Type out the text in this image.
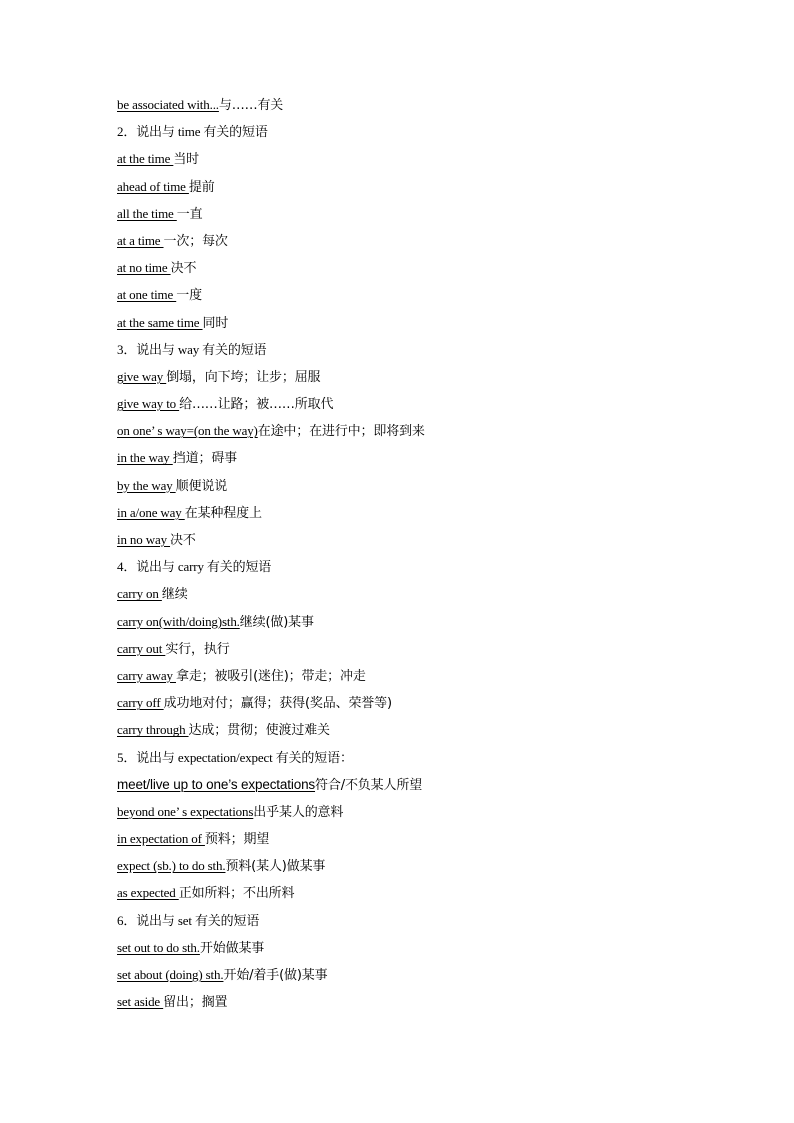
be associated with...与……有关
2．说出与 time 有关的短语
at the time 当时
ahead of time 提前
all the time 一直
at a time 一次；每次
at no time 决不
at one time 一度
at the same time 同时
3．说出与 way 有关的短语
give way 倒塌，向下垮；让步；屈服
give way to 给……让路；被……所取代
on one’ s way=(on the way)在途中；在进行中；即将到来
in the way 挡道；碍事
by the way 顺便说说
in a/one way 在某种程度上
in no way 决不
4．说出与 carry 有关的短语
carry on 继续
carry on(with/doing)sth.继续(做)某事
carry out 实行，执行
carry away 拿走；被吸引(迷住)；带走；冲走
carry off 成功地对付；赢得；获得(奖品、荣誉等)
carry through 达成；贯彻；使渡过难关
5．说出与 expectation/expect 有关的短语：
meet/live up to one’s expectations符合/不负某人所望
beyond one’ s expectations出乎某人的意料
in expectation of 预料；期望
expect (sb.) to do sth.预料(某人)做某事
as expected 正如所料；不出所料
6．说出与 set 有关的短语
set out to do sth.开始做某事
set about (doing) sth.开始/着手(做)某事
set aside 留出；搁置
